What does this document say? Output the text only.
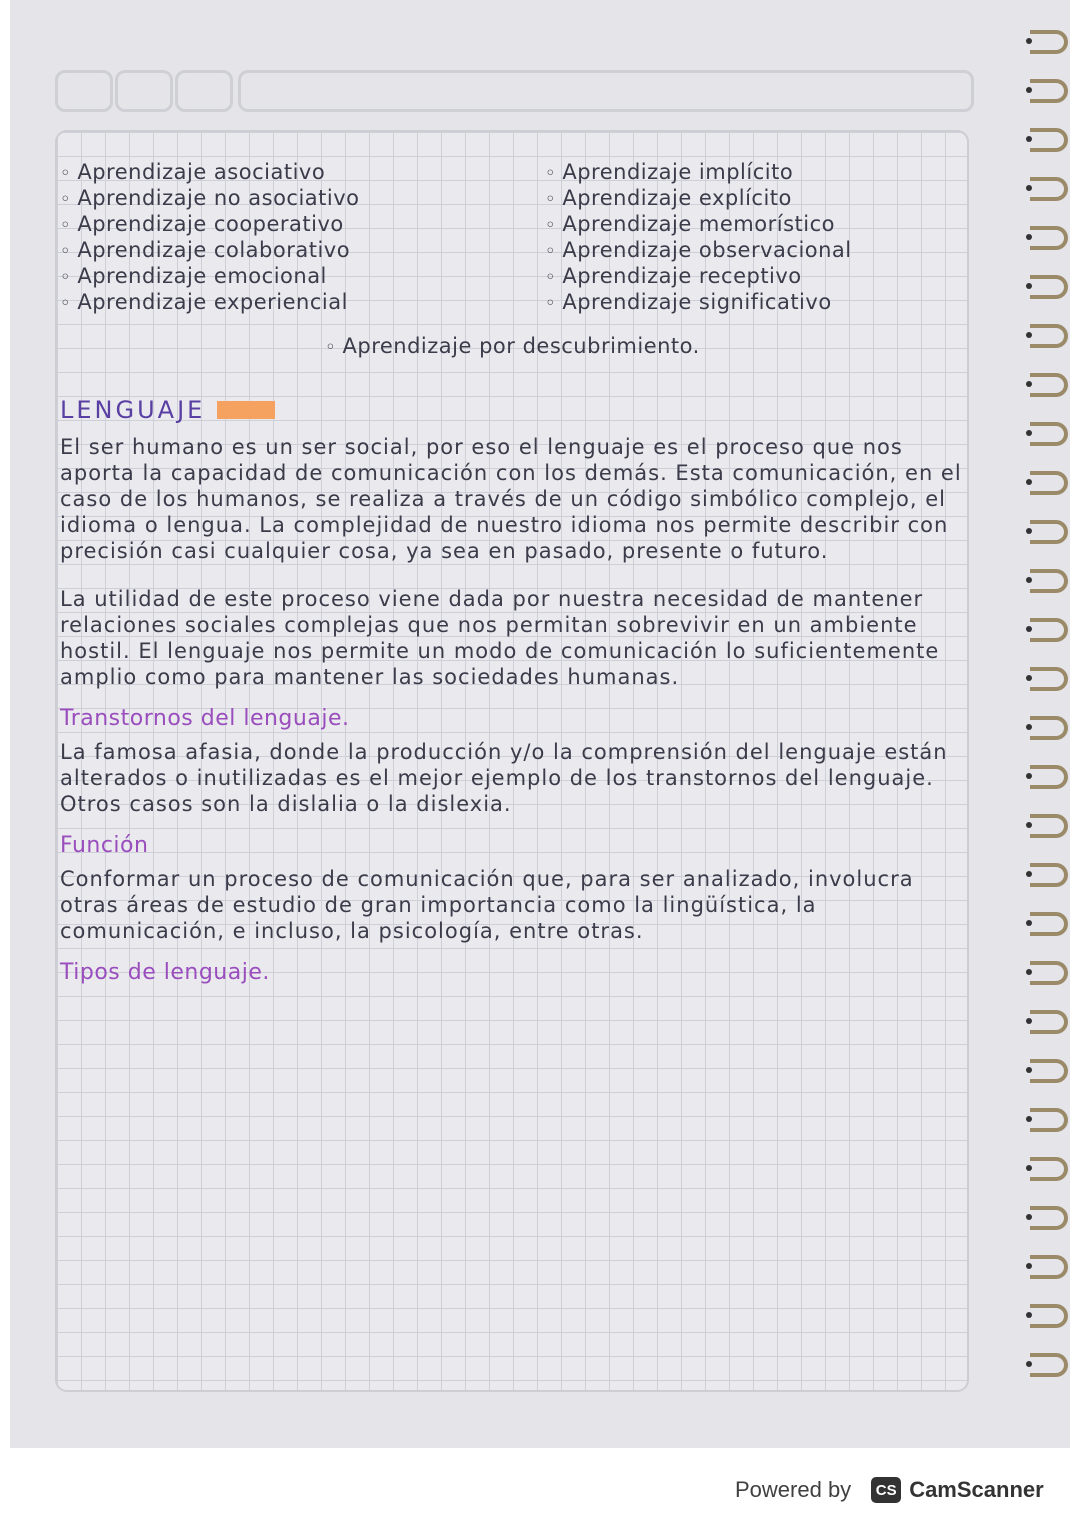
◦ Aprendizaje asociativo
◦ Aprendizaje no asociativo
◦ Aprendizaje cooperativo
◦ Aprendizaje colaborativo
◦ Aprendizaje emocional
◦ Aprendizaje experiencial
◦ Aprendizaje implícito
◦ Aprendizaje explícito
◦ Aprendizaje memorístico
◦ Aprendizaje observacional
◦ Aprendizaje receptivo
◦ Aprendizaje significativo
◦ Aprendizaje por descubrimiento.
LENGUAJE
El ser humano es un ser social, por eso el lenguaje es el proceso que nos aporta la capacidad de comunicación con los demás. Esta comunicación, en el caso de los humanos, se realiza a través de un código simbólico complejo, el idioma o lengua. La complejidad de nuestro idioma nos permite describir con precisión casi cualquier cosa, ya sea en pasado, presente o futuro.
La utilidad de este proceso viene dada por nuestra necesidad de mantener relaciones sociales complejas que nos permitan sobrevivir en un ambiente hostil. El lenguaje nos permite un modo de comunicación lo suficientemente amplio como para mantener las sociedades humanas.
Transtornos del lenguaje.
La famosa afasia, donde la producción y/o la comprensión del lenguaje están alterados o inutilizadas es el mejor ejemplo de los transtornos del lenguaje. Otros casos son la dislalia o la dislexia.
Función
Conformar un proceso de comunicación que, para ser analizado, involucra otras áreas de estudio de gran importancia como la lingüística, la comunicación, e incluso, la psicología, entre otras.
Tipos de lenguaje.
Powered by	CS CamScanner
